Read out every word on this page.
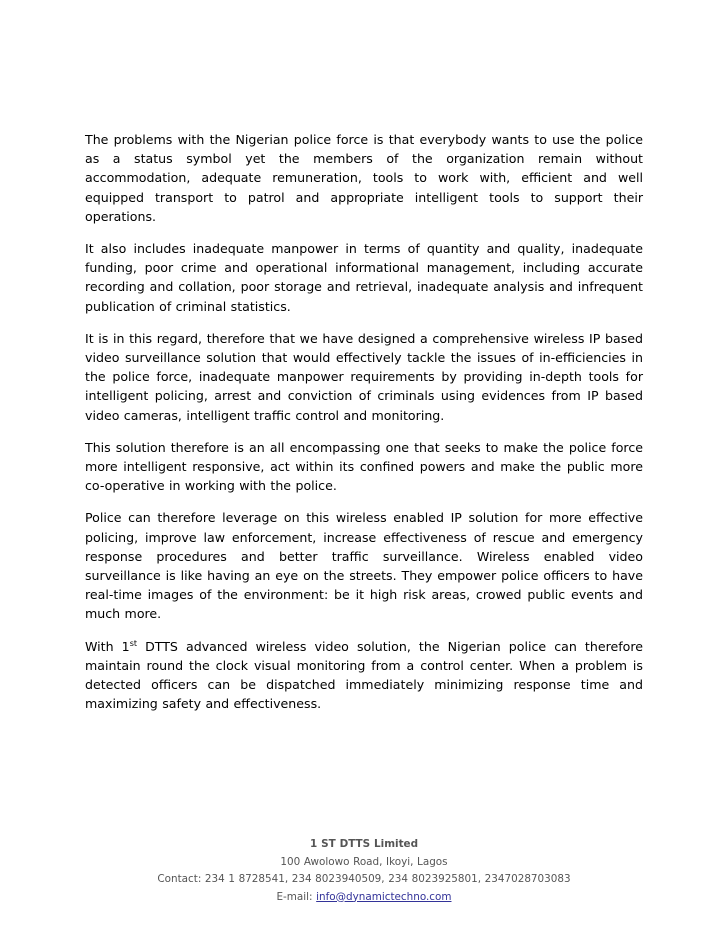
The problems with the Nigerian police force is that everybody wants to use the police as a status symbol yet the members of the organization remain without accommodation, adequate remuneration, tools to work with, efficient and well equipped transport to patrol and appropriate intelligent tools to support their operations.

It also includes inadequate manpower in terms of quantity and quality, inadequate funding, poor crime and operational informational management, including accurate recording and collation, poor storage and retrieval, inadequate analysis and infrequent publication of criminal statistics.

It is in this regard, therefore that we have designed a comprehensive wireless IP based video surveillance solution that would effectively tackle the issues of in-efficiencies in the police force, inadequate manpower requirements by providing in-depth tools for intelligent policing, arrest and conviction of criminals using evidences from IP based video cameras, intelligent traffic control and monitoring.

This solution therefore is an all encompassing one that seeks to make the police force more intelligent responsive, act within its confined powers and make the public more co-operative in working with the police.

Police can therefore leverage on this wireless enabled IP solution for more effective policing, improve law enforcement, increase effectiveness of rescue and emergency response procedures and better traffic surveillance. Wireless enabled video surveillance is like having an eye on the streets. They empower police officers to have real-time images of the environment: be it high risk areas, crowed public events and much more.

With 1st DTTS advanced wireless video solution, the Nigerian police can therefore maintain round the clock visual monitoring from a control center. When a problem is detected officers can be dispatched immediately minimizing response time and maximizing safety and effectiveness.

1 ST DTTS Limited
100 Awolowo Road, Ikoyi, Lagos
Contact: 234 1 8728541, 234 8023940509, 234 8023925801, 2347028703083
E-mail: info@dynamictechno.com
